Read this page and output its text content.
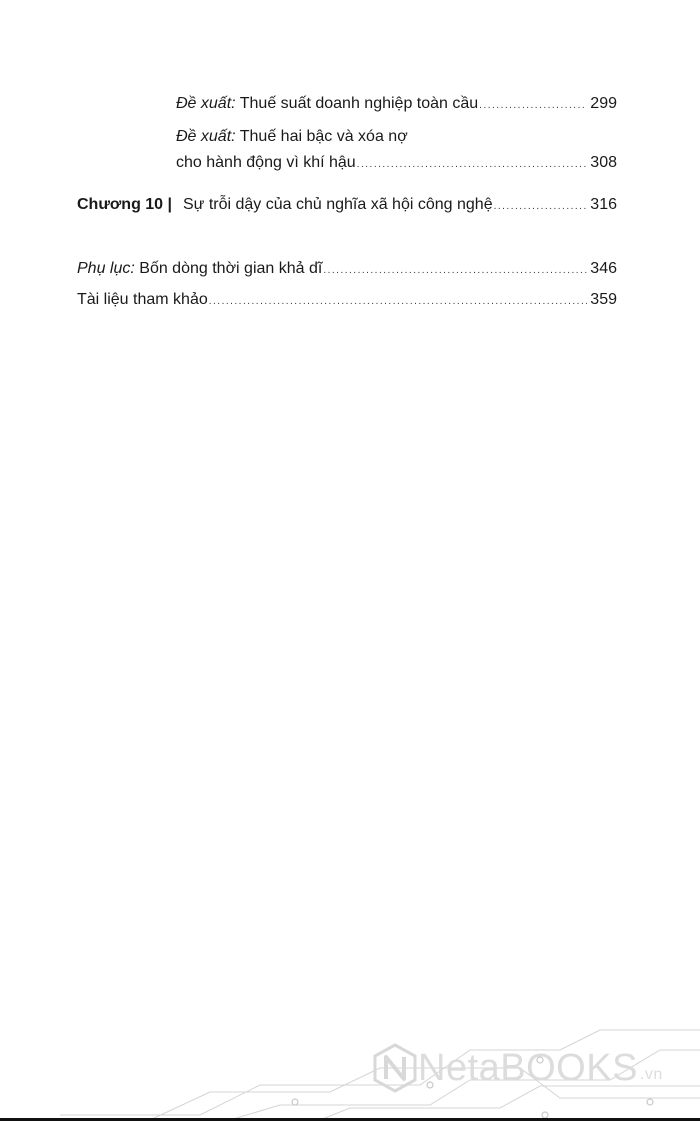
Đề xuất: Thuế suất doanh nghiệp toàn cầu .....	299
Đề xuất: Thuế hai bậc và xóa nợ
cho hành động vì khí hậu .....	308
Chương 10 | Sự trỗi dậy của chủ nghĩa xã hội công nghệ .....	316
Phụ lục: Bốn dòng thời gian khả dĩ .....	346
Tài liệu tham khảo .....	359
NetaBOOKS .vn
